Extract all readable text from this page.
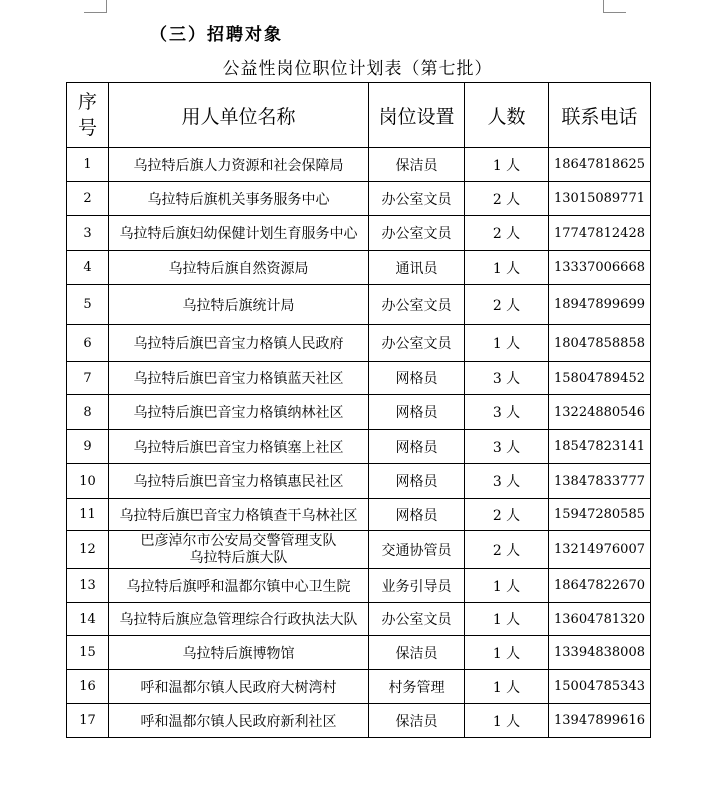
（三）招聘对象
公益性岗位职位计划表（第七批）
序号	用人单位名称	岗位设置	人数	联系电话
1	乌拉特后旗人力资源和社会保障局	保洁员	1 人	18647818625
2	乌拉特后旗机关事务服务中心	办公室文员	2 人	13015089771
3	乌拉特后旗妇幼保健计划生育服务中心	办公室文员	2 人	17747812428
4	乌拉特后旗自然资源局	通讯员	1 人	13337006668
5	乌拉特后旗统计局	办公室文员	2 人	18947899699
6	乌拉特后旗巴音宝力格镇人民政府	办公室文员	1 人	18047858858
7	乌拉特后旗巴音宝力格镇蓝天社区	网格员	3 人	15804789452
8	乌拉特后旗巴音宝力格镇纳林社区	网格员	3 人	13224880546
9	乌拉特后旗巴音宝力格镇塞上社区	网格员	3 人	18547823141
10	乌拉特后旗巴音宝力格镇惠民社区	网格员	3 人	13847833777
11	乌拉特后旗巴音宝力格镇查干乌林社区	网格员	2 人	15947280585
12	巴彦淖尔市公安局交警管理支队
乌拉特后旗大队	交通协管员	2 人	13214976007
13	乌拉特后旗呼和温都尔镇中心卫生院	业务引导员	1 人	18647822670
14	乌拉特后旗应急管理综合行政执法大队	办公室文员	1 人	13604781320
15	乌拉特后旗博物馆	保洁员	1 人	13394838008
16	呼和温都尔镇人民政府大树湾村	村务管理	1 人	15004785343
17	呼和温都尔镇人民政府新利社区	保洁员	1 人	13947899616
